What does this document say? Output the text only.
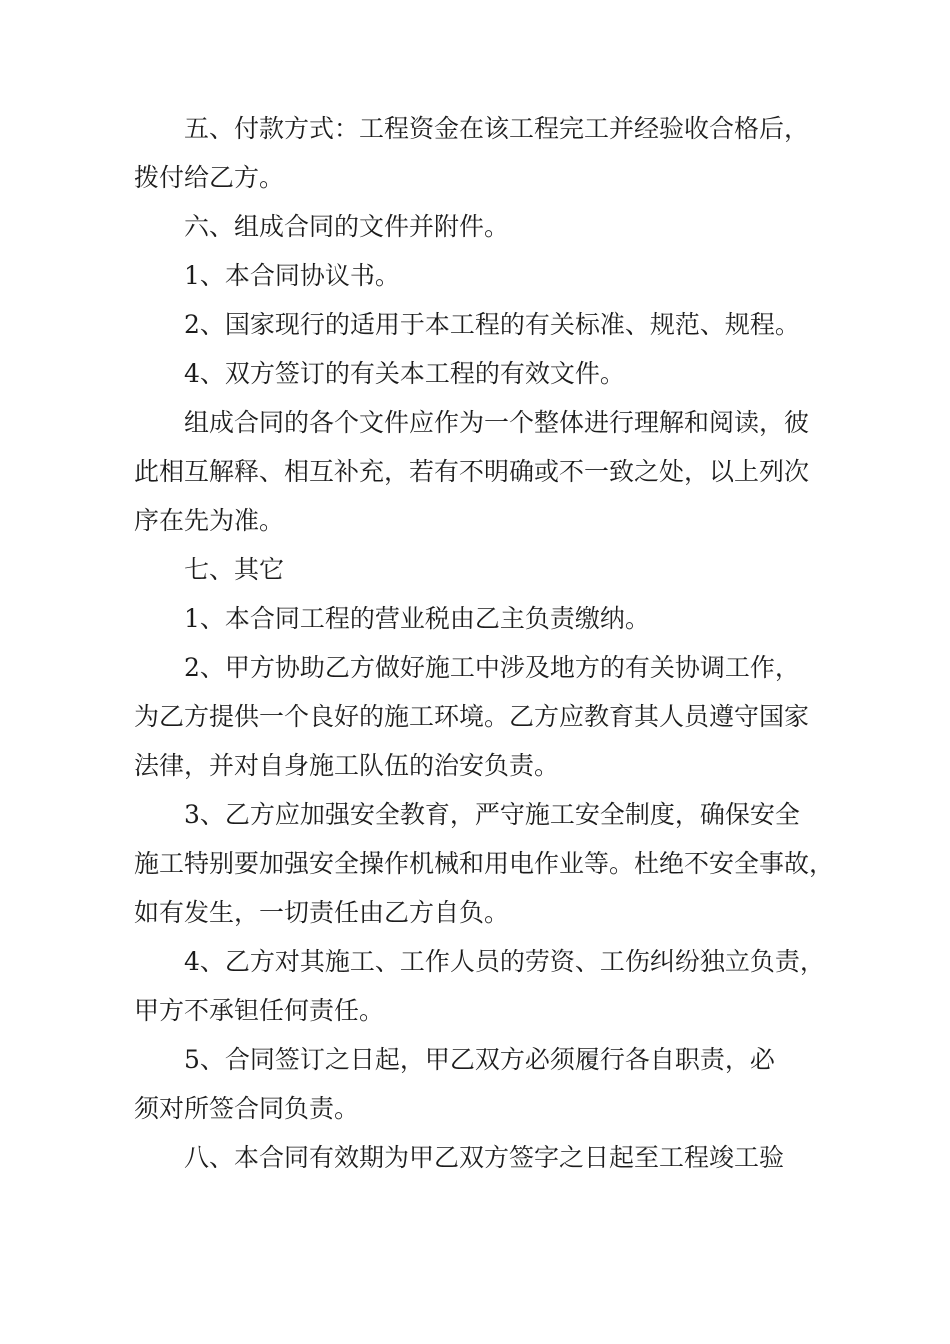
五、付款方式：工程资金在该工程完工并经验收合格后，
拨付给乙方。
六、组成合同的文件并附件。
1、本合同协议书。
2、国家现行的适用于本工程的有关标准、规范、规程。
4、双方签订的有关本工程的有效文件。
组成合同的各个文件应作为一个整体进行理解和阅读，彼
此相互解释、相互补充，若有不明确或不一致之处，以上列次
序在先为准。
七、其它
1、本合同工程的营业税由乙主负责缴纳。
2、甲方协助乙方做好施工中涉及地方的有关协调工作，
为乙方提供一个良好的施工环境。乙方应教育其人员遵守国家
法律，并对自身施工队伍的治安负责。
3、乙方应加强安全教育，严守施工安全制度，确保安全
施工特别要加强安全操作机械和用电作业等。杜绝不安全事故，
如有发生，一切责任由乙方自负。
4、乙方对其施工、工作人员的劳资、工伤纠纷独立负责，
甲方不承钽任何责任。
5、合同签订之日起，甲乙双方必须履行各自职责，必
须对所签合同负责。
八、本合同有效期为甲乙双方签字之日起至工程竣工验
